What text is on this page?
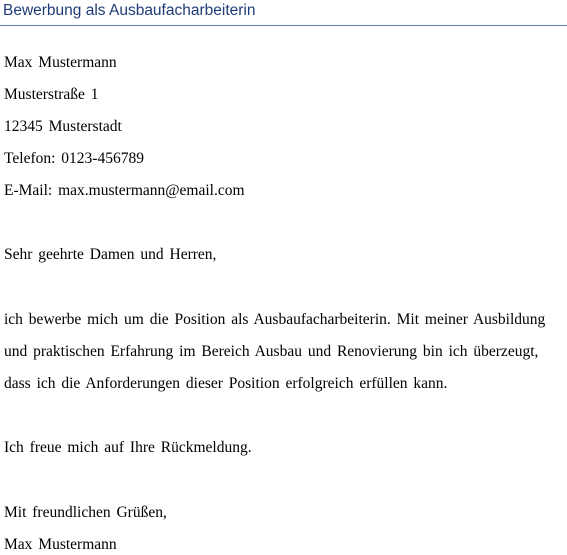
Bewerbung als Ausbaufacharbeiterin

Max Mustermann

Musterstraße 1

12345 Musterstadt

Telefon: 0123-456789

E-Mail: max.mustermann@email.com

Sehr geehrte Damen und Herren,

ich bewerbe mich um die Position als Ausbaufacharbeiterin. Mit meiner Ausbildung

und praktischen Erfahrung im Bereich Ausbau und Renovierung bin ich überzeugt,

dass ich die Anforderungen dieser Position erfolgreich erfüllen kann.

Ich freue mich auf Ihre Rückmeldung.

Mit freundlichen Grüßen,

Max Mustermann
